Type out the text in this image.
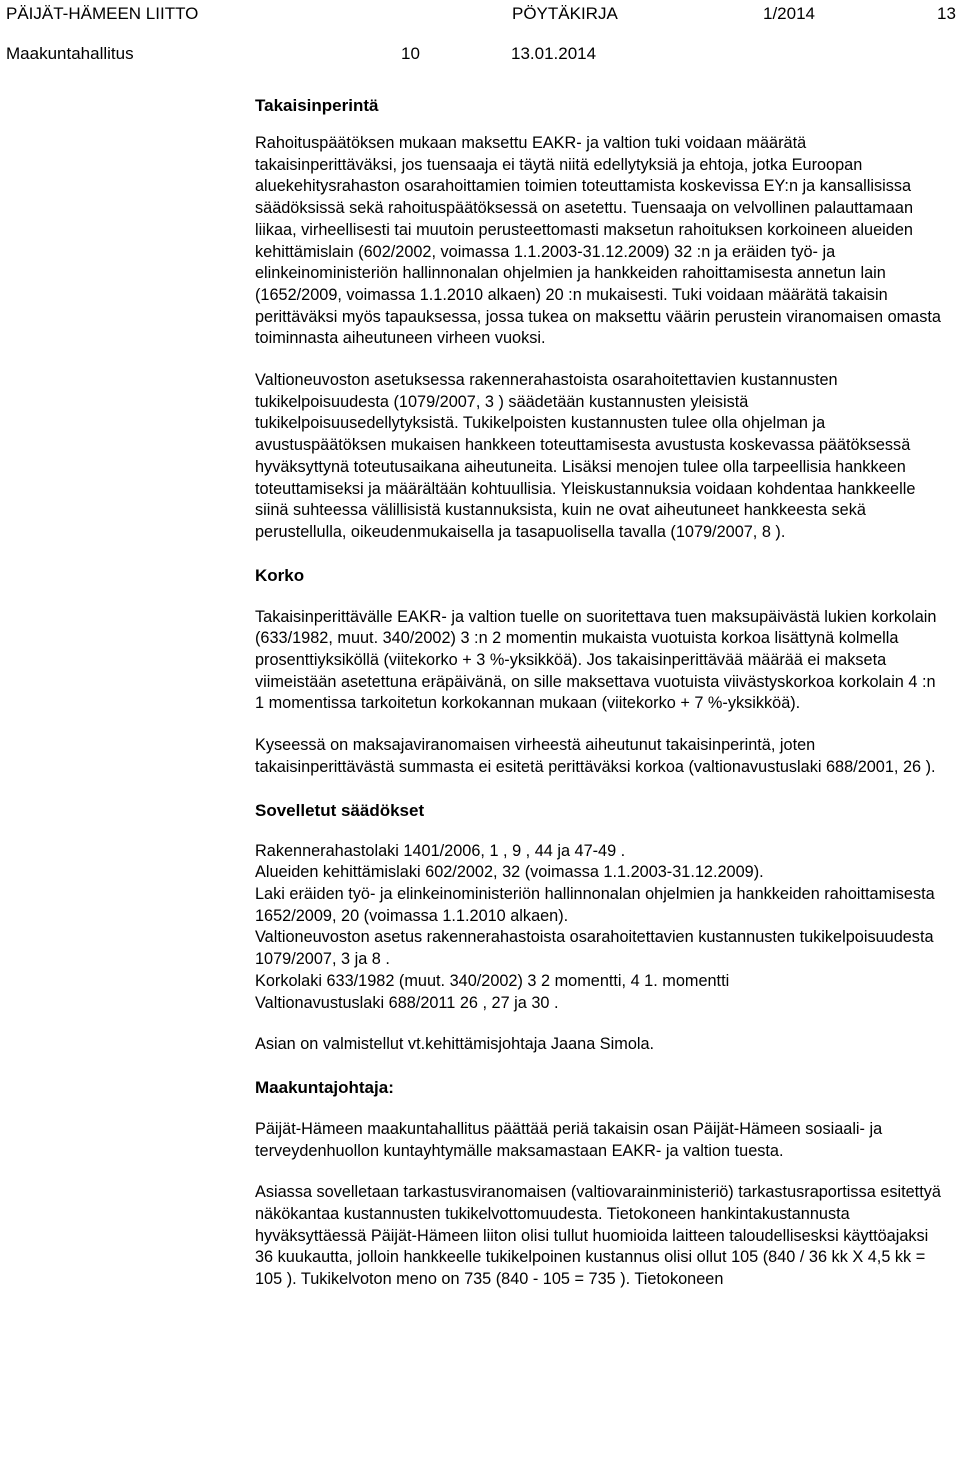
PÄIJÄT-HÄMEEN LIITTO	PÖYTÄKIRJA	1/2014	13
Maakuntahallitus	10	13.01.2014

Takaisinperintä

Rahoituspäätöksen mukaan maksettu EAKR- ja valtion tuki voidaan määrätä takaisinperittäväksi, jos tuensaaja ei täytä niitä edellytyksiä ja ehtoja, jotka Euroopan aluekehitysrahaston osarahoittamien toimien toteuttamista koskevissa EY:n ja kansallisissa säädöksissä sekä rahoituspäätöksessä on asetettu. Tuensaaja on velvollinen palauttamaan liikaa, virheellisesti tai muutoin perusteettomasti maksetun rahoituksen korkoineen alueiden kehittämislain (602/2002, voimassa 1.1.2003-31.12.2009) 32 :n ja eräiden työ- ja elinkeinoministeriön hallinnonalan ohjelmien ja hankkeiden rahoittamisesta annetun lain (1652/2009, voimassa 1.1.2010 alkaen) 20 :n mukaisesti. Tuki voidaan määrätä takaisin perittäväksi myös tapauksessa, jossa tukea on maksettu väärin perustein viranomaisen omasta toiminnasta aiheutuneen virheen vuoksi.

Valtioneuvoston asetuksessa rakennerahastoista osarahoitettavien kustannusten tukikelpoisuudesta (1079/2007, 3 ) säädetään kustannusten yleisistä tukikelpoisuusedellytyksistä. Tukikelpoisten kustannusten tulee olla ohjelman ja avustuspäätöksen mukaisen hankkeen toteuttamisesta avustusta koskevassa päätöksessä hyväksyttynä toteutusaikana aiheutuneita. Lisäksi menojen tulee olla tarpeellisia hankkeen toteuttamiseksi ja määrältään kohtuullisia. Yleiskustannuksia voidaan kohdentaa hankkeelle siinä suhteessa välillisistä kustannuksista, kuin ne ovat aiheutuneet hankkeesta sekä perustellulla, oikeudenmukaisella ja tasapuolisella tavalla (1079/2007, 8 ).

Korko

Takaisinperittävälle EAKR- ja valtion tuelle on suoritettava tuen maksupäivästä lukien korkolain (633/1982, muut. 340/2002) 3 :n 2 momentin mukaista vuotuista korkoa lisättynä kolmella prosenttiyksiköllä (viitekorko + 3 %-yksikköä). Jos takaisinperittävää määrää ei makseta viimeistään asetettuna eräpäivänä, on sille maksettava vuotuista viivästyskorkoa korkolain 4 :n 1 momentissa tarkoitetun korkokannan mukaan (viitekorko + 7 %-yksikköä).

Kyseessä on maksajaviranomaisen virheestä aiheutunut takaisinperintä, joten takaisinperittävästä summasta ei esitetä perittäväksi korkoa (valtionavustuslaki 688/2001, 26 ).

Sovelletut säädökset

Rakennerahastolaki 1401/2006, 1 , 9 , 44 ja 47-49 .
Alueiden kehittämislaki 602/2002, 32 (voimassa 1.1.2003-31.12.2009).
Laki eräiden työ- ja elinkeinoministeriön hallinnonalan ohjelmien ja hankkeiden rahoittamisesta 1652/2009, 20 (voimassa 1.1.2010 alkaen).
Valtioneuvoston asetus rakennerahastoista osarahoitettavien kustannusten tukikelpoisuudesta 1079/2007, 3 ja 8 .
Korkolaki 633/1982 (muut. 340/2002) 3 2 momentti, 4 1. momentti
Valtionavustuslaki 688/2011 26 , 27 ja 30 .

Asian on valmistellut vt.kehittämisjohtaja Jaana Simola.

Maakuntajohtaja:

Päijät-Hämeen maakuntahallitus päättää periä takaisin osan Päijät-Hämeen sosiaali- ja terveydenhuollon kuntayhtymälle maksamastaan EAKR- ja valtion tuesta.

Asiassa sovelletaan tarkastusviranomaisen (valtiovarainministeriö) tarkastusraportissa esitettyä näkökantaa kustannusten tukikelvottomuudesta. Tietokoneen hankintakustannusta hyväksyttäessä Päijät-Hämeen liiton olisi tullut huomioida laitteen taloudellisesksi käyttöajaksi 36 kuukautta, jolloin hankkeelle tukikelpoinen kustannus olisi ollut 105 (840 / 36 kk X 4,5 kk = 105 ). Tukikelvoton meno on 735 (840 - 105 = 735 ). Tietokoneen
